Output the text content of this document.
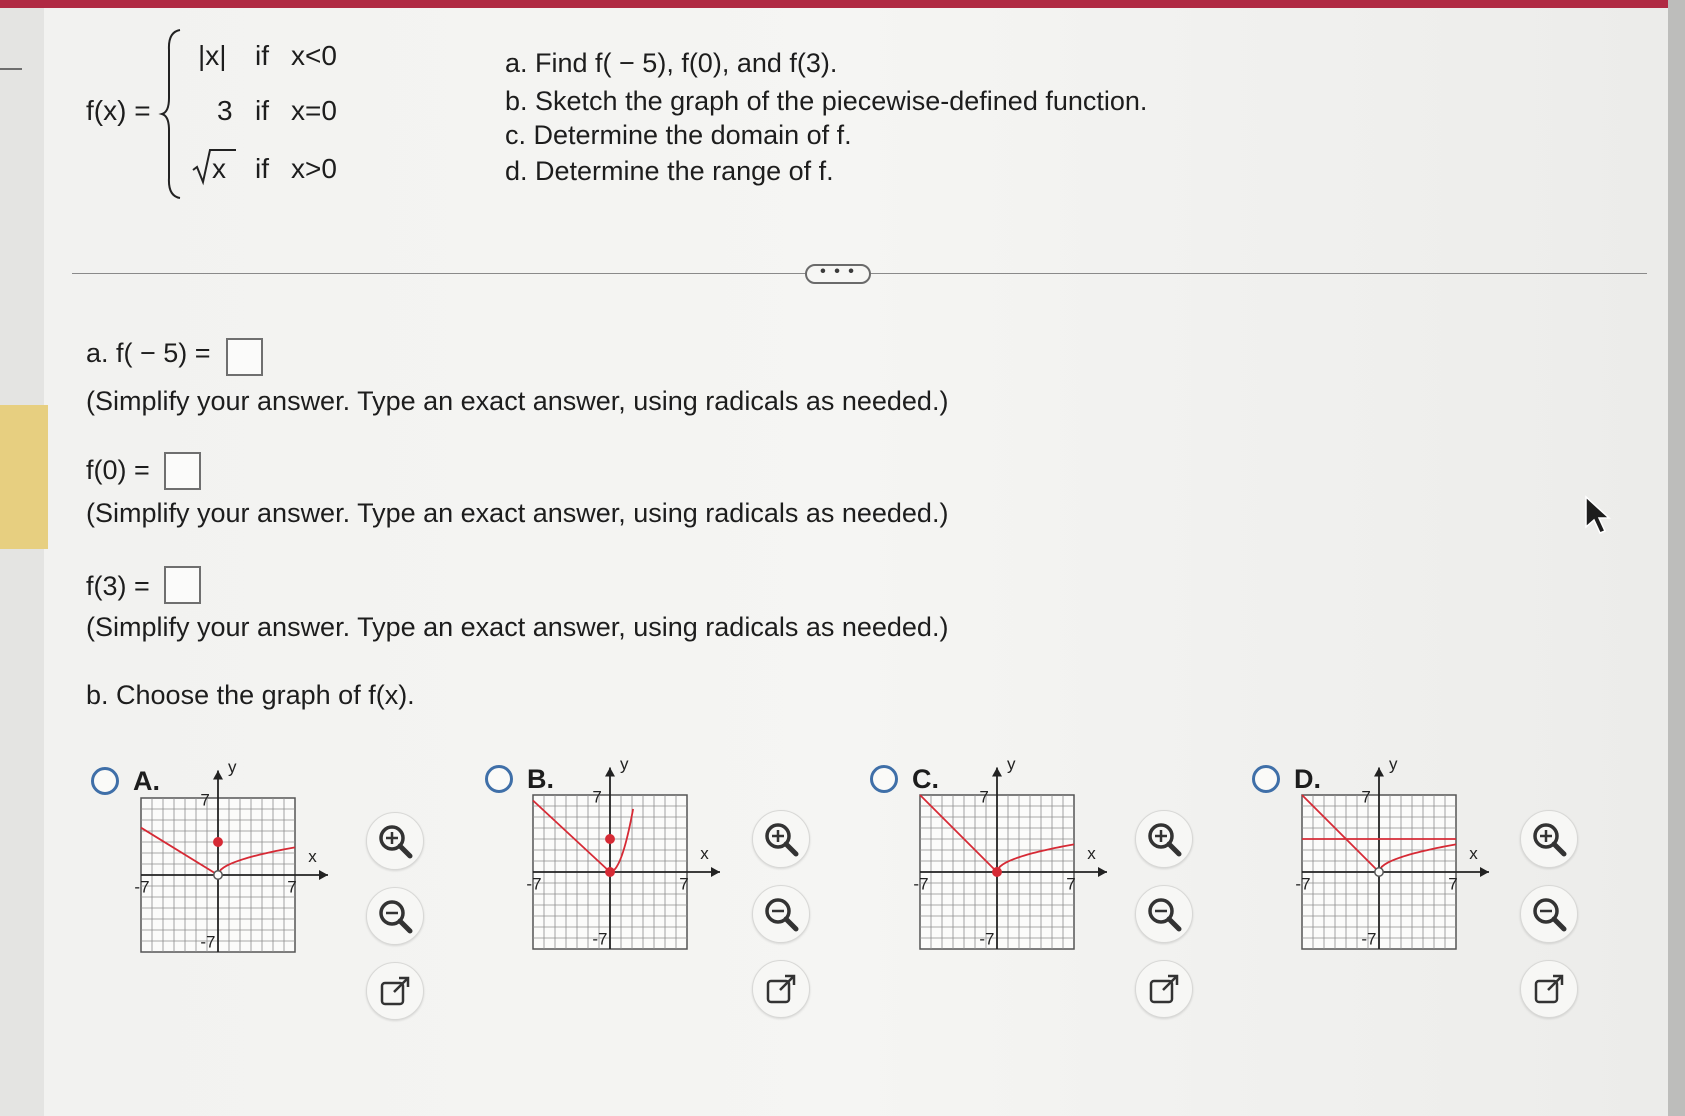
f(x) =
|x| if x<0
3 if x=0
x if x>0
a. Find f( − 5), f(0), and f(3).
b. Sketch the graph of the piecewise-defined function.
c. Determine the domain of f.
d. Determine the range of f.
• • •
a. f( − 5) =
(Simplify your answer. Type an exact answer, using radicals as needed.)
f(0) =
(Simplify your answer. Type an exact answer, using radicals as needed.)
f(3) =
(Simplify your answer. Type an exact answer, using radicals as needed.)
b. Choose the graph of f(x).
A.	y
x
7
7
-7
-7
B.	y
x
7
7
-7
-7
C.	y
x
7
7
-7
-7
D.	y
x
7
7
-7
-7
